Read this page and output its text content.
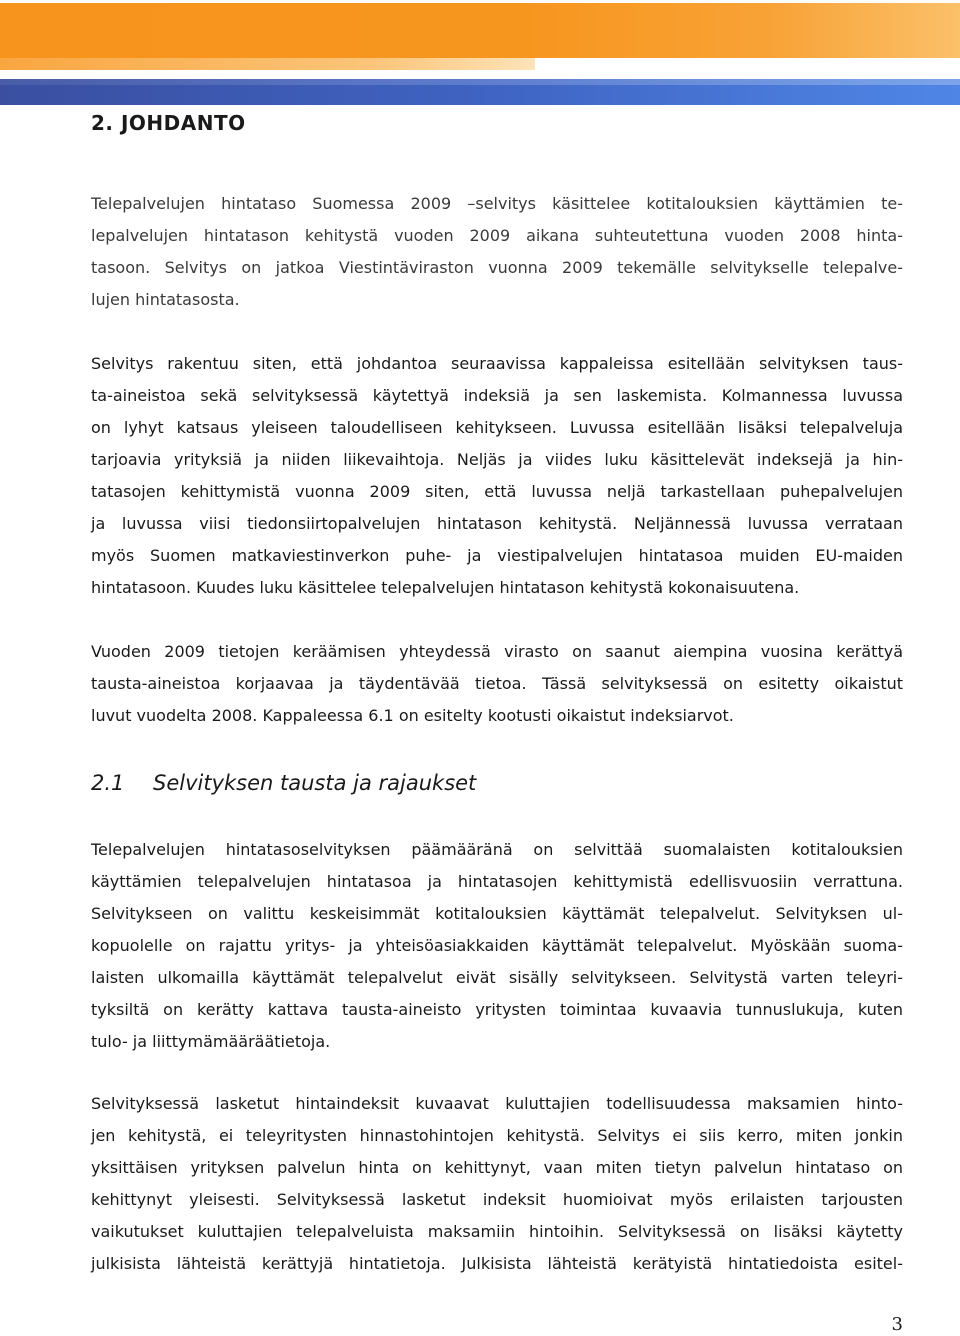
2. JOHDANTO

Telepalvelujen hintataso Suomessa 2009 –selvitys käsittelee kotitalouksien käyttämien te-
lepalvelujen hintatason kehitystä vuoden 2009 aikana suhteutettuna vuoden 2008 hinta-
tasoon. Selvitys on jatkoa Viestintäviraston vuonna 2009 tekemälle selvitykselle telepalve-
lujen hintatasosta.

Selvitys rakentuu siten, että johdantoa seuraavissa kappaleissa esitellään selvityksen taus-
ta-aineistoa sekä selvityksessä käytettyä indeksiä ja sen laskemista. Kolmannessa luvussa
on lyhyt katsaus yleiseen taloudelliseen kehitykseen. Luvussa esitellään lisäksi telepalveluja
tarjoavia yrityksiä ja niiden liikevaihtoja. Neljäs ja viides luku käsittelevät indeksejä ja hin-
tatasojen kehittymistä vuonna 2009 siten, että luvussa neljä tarkastellaan puhepalvelujen
ja luvussa viisi tiedonsiirtopalvelujen hintatason kehitystä. Neljännessä luvussa verrataan
myös Suomen matkaviestinverkon puhe- ja viestipalvelujen hintatasoa muiden EU-maiden
hintatasoon. Kuudes luku käsittelee telepalvelujen hintatason kehitystä kokonaisuutena.

Vuoden 2009 tietojen keräämisen yhteydessä virasto on saanut aiempina vuosina kerättyä
tausta-aineistoa korjaavaa ja täydentävää tietoa. Tässä selvityksessä on esitetty oikaistut
luvut vuodelta 2008. Kappaleessa 6.1 on esitelty kootusti oikaistut indeksiarvot.

2.1 Selvityksen tausta ja rajaukset

Telepalvelujen hintatasoselvityksen päämääränä on selvittää suomalaisten kotitalouksien
käyttämien telepalvelujen hintatasoa ja hintatasojen kehittymistä edellisvuosiin verrattuna.
Selvitykseen on valittu keskeisimmät kotitalouksien käyttämät telepalvelut. Selvityksen ul-
kopuolelle on rajattu yritys- ja yhteisöasiakkaiden käyttämät telepalvelut. Myöskään suoma-
laisten ulkomailla käyttämät telepalvelut eivät sisälly selvitykseen. Selvitystä varten teleyri-
tyksiltä on kerätty kattava tausta-aineisto yritysten toimintaa kuvaavia tunnuslukuja, kuten
tulo- ja liittymämääräätietoja.

Selvityksessä lasketut hintaindeksit kuvaavat kuluttajien todellisuudessa maksamien hinto-
jen kehitystä, ei teleyritysten hinnastohintojen kehitystä. Selvitys ei siis kerro, miten jonkin
yksittäisen yrityksen palvelun hinta on kehittynyt, vaan miten tietyn palvelun hintataso on
kehittynyt yleisesti. Selvityksessä lasketut indeksit huomioivat myös erilaisten tarjousten
vaikutukset kuluttajien telepalveluista maksamiin hintoihin. Selvityksessä on lisäksi käytetty
julkisista lähteistä kerättyjä hintatietoja. Julkisista lähteistä kerätyistä hintatiedoista esitel-

3
